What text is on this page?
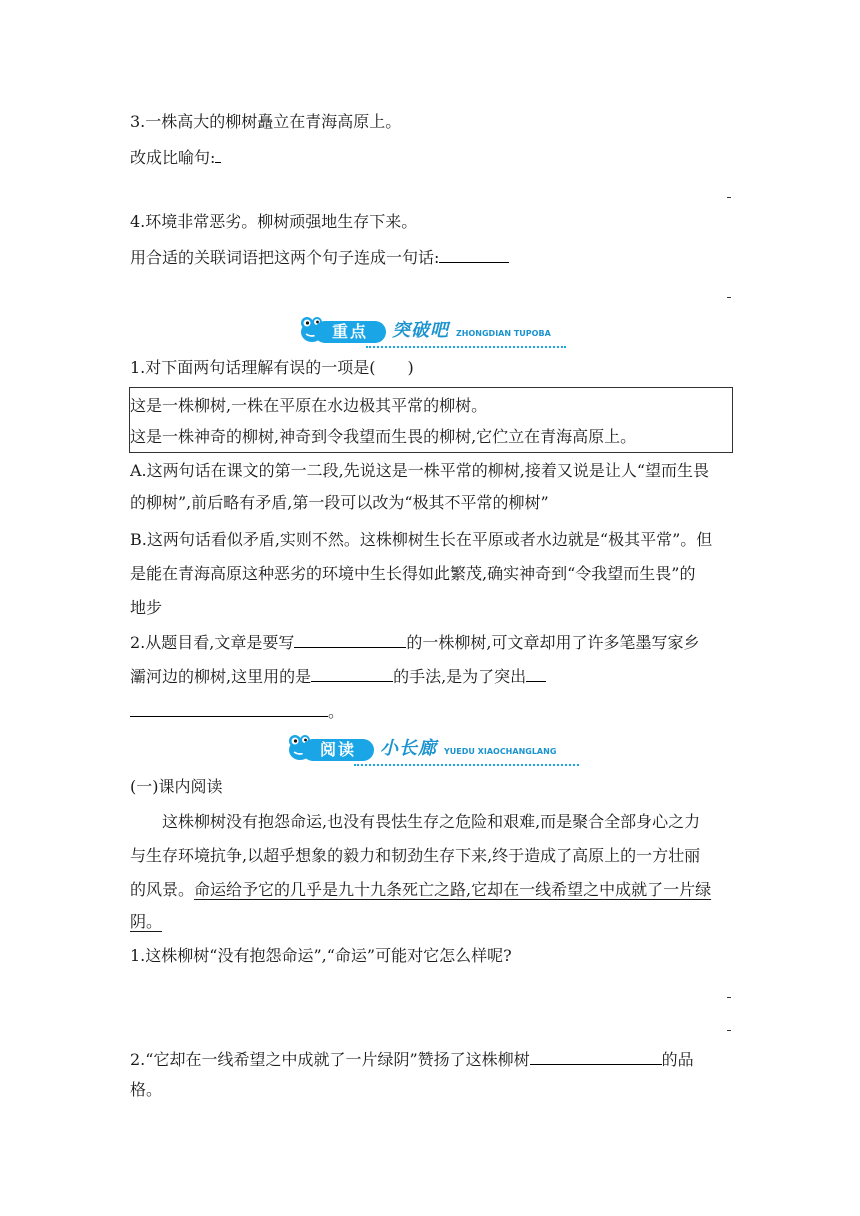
3.一株高大的柳树矗立在青海高原上。
改成比喻句:
4.环境非常恶劣。柳树顽强地生存下来。
用合适的关联词语把这两个句子连成一句话:
重点 突破吧 ZHONGDIAN TUPOBA
1.对下面两句话理解有误的一项是(　　)
这是一株柳树,一株在平原在水边极其平常的柳树。
这是一株神奇的柳树,神奇到令我望而生畏的柳树,它伫立在青海高原上。
A.这两句话在课文的第一二段,先说这是一株平常的柳树,接着又说是让人“望而生畏
的柳树”,前后略有矛盾,第一段可以改为“极其不平常的柳树”
B.这两句话看似矛盾,实则不然。这株柳树生长在平原或者水边就是“极其平常”。但
是能在青海高原这种恶劣的环境中生长得如此繁茂,确实神奇到“令我望而生畏”的
地步
2.从题目看,文章是要写	的一株柳树,可文章却用了许多笔墨写家乡
灞河边的柳树,这里用的是	的手法,是为了突出
。
阅读 小长廊 YUEDU XIAOCHANGLANG
(一)课内阅读
这株柳树没有抱怨命运,也没有畏怯生存之危险和艰难,而是聚合全部身心之力
与生存环境抗争,以超乎想象的毅力和韧劲生存下来,终于造成了高原上的一方壮丽
的风景。命运给予它的几乎是九十九条死亡之路,它却在一线希望之中成就了一片绿
阴。
1.这株柳树“没有抱怨命运”,“命运”可能对它怎么样呢?
2.“它却在一线希望之中成就了一片绿阴”赞扬了这株柳树	的品
格。
